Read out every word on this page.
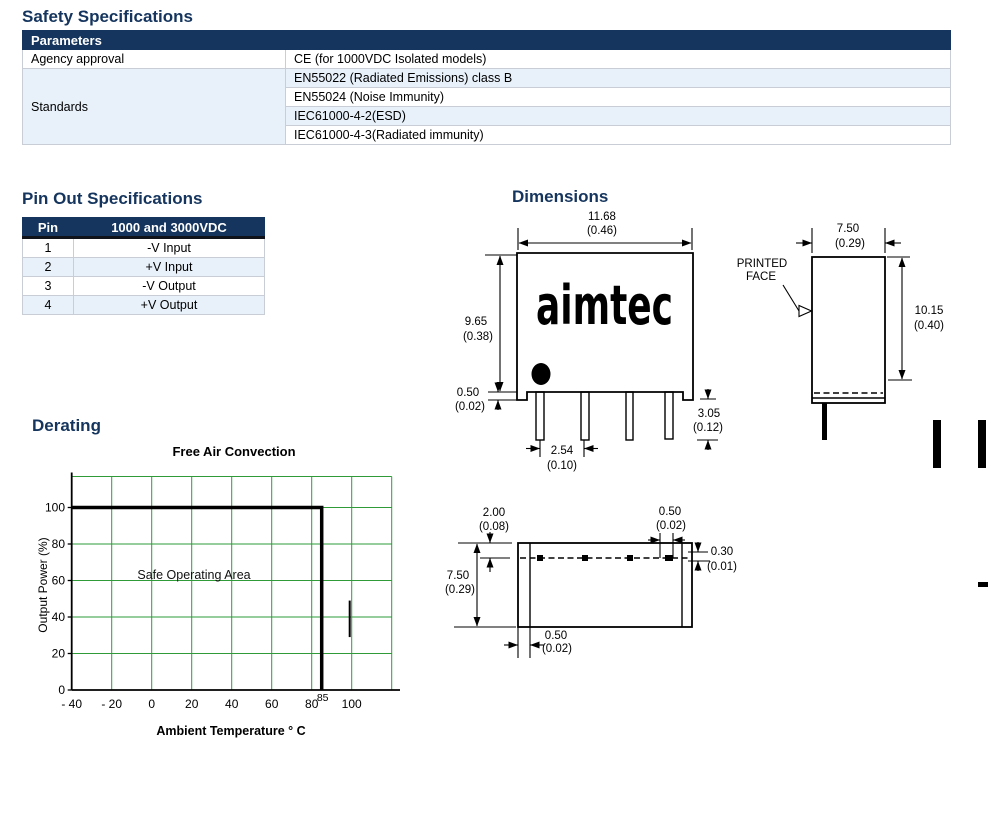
Safety Specifications
Parameters	
Agency approval	CE (for 1000VDC Isolated models)
Standards	EN55022 (Radiated Emissions) class B
	EN55024 (Noise Immunity)
	IEC61000-4-2(ESD)
	IEC61000-4-3(Radiated immunity)
Pin Out Specifications
Pin	1000 and 3000VDC
1	-V Input
2	+V Input
3	-V Output
4	+V Output
Dimensions
aimtec
11.68
(0.46)
9.65
(0.38)
0.50
(0.02)
2.54
(0.10)
3.05
(0.12)
7.50
(0.29)
10.15
(0.40)
PRINTED
FACE
7.50
(0.29)
2.00
(0.08)
0.50
(0.02)
0.30
(0.01)
0.50
(0.02)
Derating
0
20
40
60
80
100
- 40 - 20 0 20 40 60 80 100
85
Free Air Convection
Safe Operating Area
Output Power (%)
Ambient Temperature ° C
